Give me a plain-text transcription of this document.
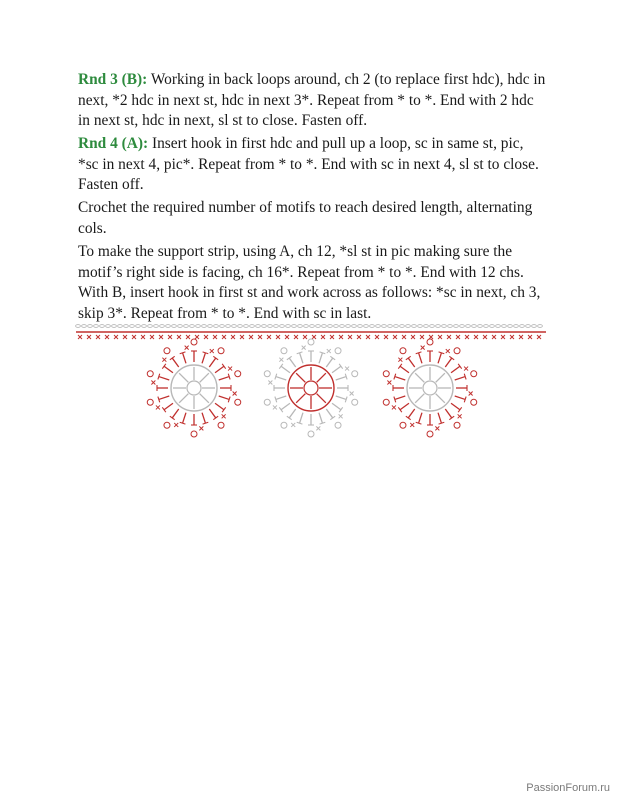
Rnd 3 (B): Working in back loops around, ch 2 (to replace first hdc), hdc in next, *2 hdc in next st, hdc in next 3*. Repeat from * to *. End with 2 hdc in next st, hdc in next, sl st to close. Fasten off.

Rnd 4 (A): Insert hook in first hdc and pull up a loop, sc in same st, pic, *sc in next 4, pic*. Repeat from * to *. End with sc in next 4, sl st to close. Fasten off.

Crochet the required number of motifs to reach desired length, alternating cols.

To make the support strip, using A, ch 12, *sl st in pic making sure the motif’s right side is facing, ch 16*. Repeat from * to *. End with 12 chs. With B, insert hook in first st and work across as follows: *sc in next, ch 3, skip 3*. Repeat from * to *. End with sc in last.

PassionForum.ru
